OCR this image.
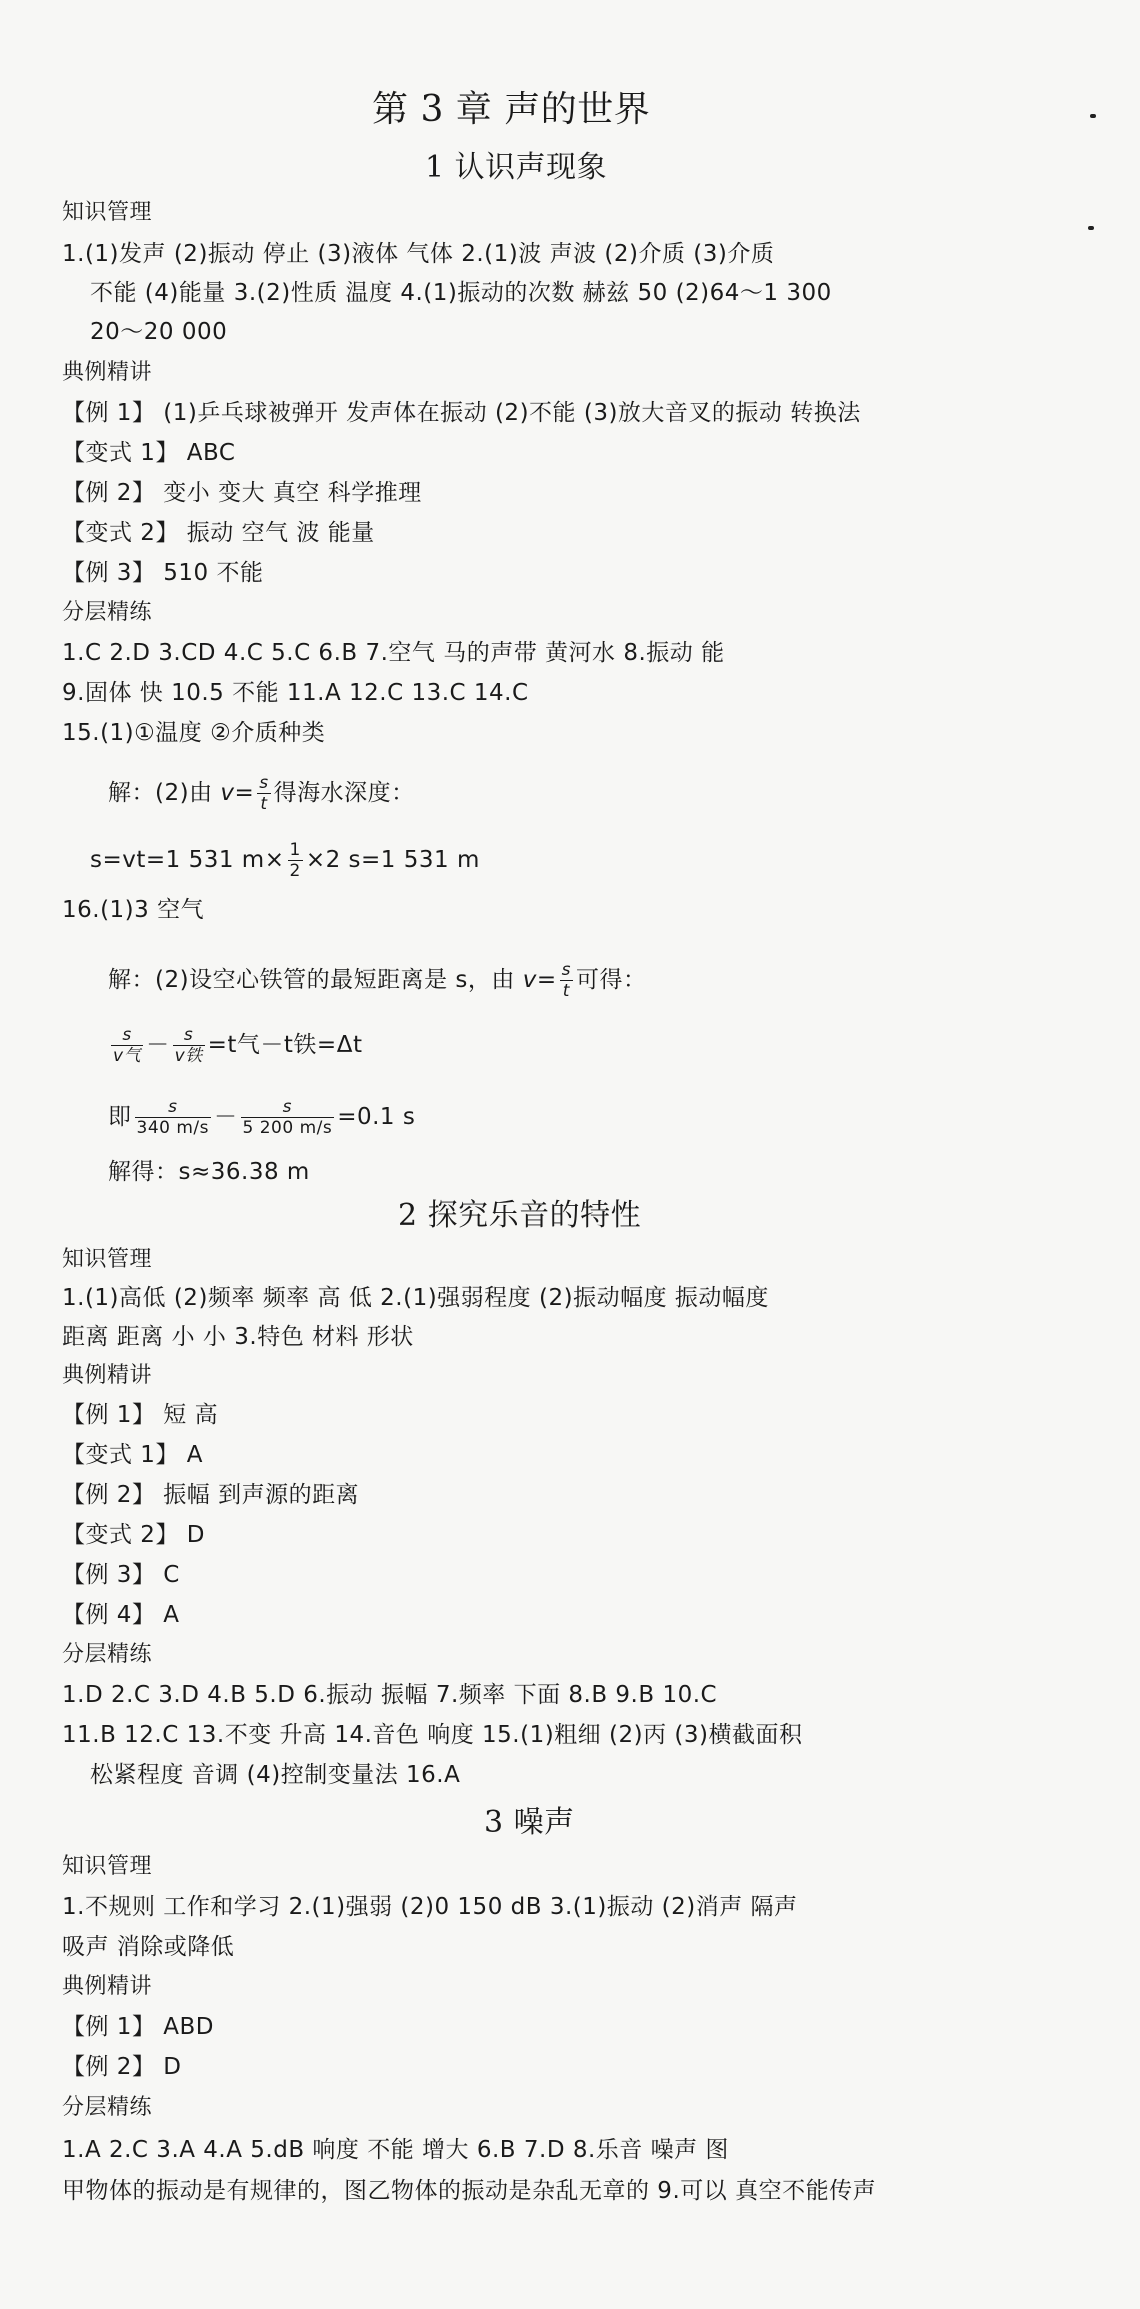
第 3 章 声的世界
1 认识声现象
知识管理
1.(1)发声 (2)振动 停止 (3)液体 气体 2.(1)波 声波 (2)介质 (3)介质
不能 (4)能量 3.(2)性质 温度 4.(1)振动的次数 赫兹 50 (2)64～1 300
20～20 000
典例精讲
【例 1】 (1)乒乓球被弹开 发声体在振动 (2)不能 (3)放大音叉的振动 转换法
【变式 1】 ABC
【例 2】 变小 变大 真空 科学推理
【变式 2】 振动 空气 波 能量
【例 3】 510 不能
分层精练
1.C 2.D 3.CD 4.C 5.C 6.B 7.空气 马的声带 黄河水 8.振动 能
9.固体 快 10.5 不能 11.A 12.C 13.C 14.C
15.(1)①温度 ②介质种类
解：(2)由 $v= \frac{s}{t}$ 得海水深度：
s=vt=1 531 $m\times \frac{1}{2} \times 2$ s=1 531 m
16.(1)3 空气
解：(2)设空心铁管的最短距离是 s，由 $v= \frac{s}{t}$ 可得：
$\frac{s}{\text{v气}} - \frac{s}{\text{v铁}} =t$气－t铁=Δt
即 $\frac{s}{340 m/s} - \frac{s}{5 200 m/s} =0.1$ s
解得：s≈36.38 m
2 探究乐音的特性
知识管理
1.(1)高低 (2)频率 频率 高 低 2.(1)强弱程度 (2)振动幅度 振动幅度
距离 距离 小 小 3.特色 材料 形状
典例精讲
【例 1】 短 高
【变式 1】 A
【例 2】 振幅 到声源的距离
【变式 2】 D
【例 3】 C
【例 4】 A
分层精练
1.D 2.C 3.D 4.B 5.D 6.振动 振幅 7.频率 下面 8.B 9.B 10.C
11.B 12.C 13.不变 升高 14.音色 响度 15.(1)粗细 (2)丙 (3)横截面积
松紧程度 音调 (4)控制变量法 16.A
3 噪声
知识管理
1.不规则 工作和学习 2.(1)强弱 (2)0 150 dB 3.(1)振动 (2)消声 隔声
吸声 消除或降低
典例精讲
【例 1】 ABD
【例 2】 D
分层精练
1.A 2.C 3.A 4.A 5.dB 响度 不能 增大 6.B 7.D 8.乐音 噪声 图
甲物体的振动是有规律的，图乙物体的振动是杂乱无章的 9.可以 真空不能传声
